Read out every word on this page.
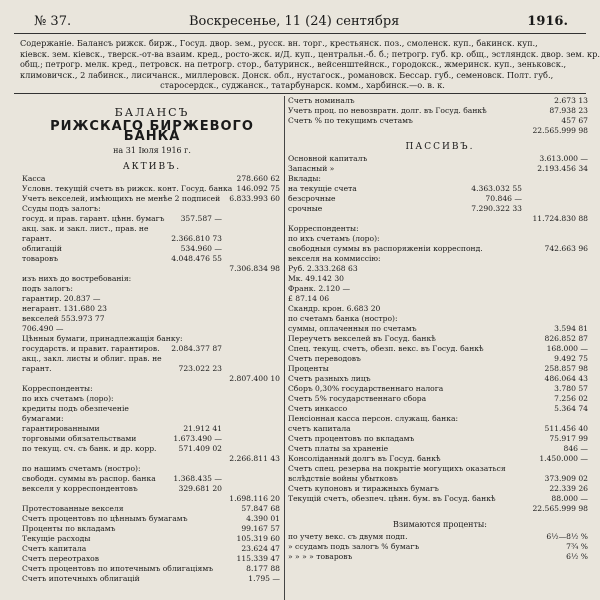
№ 37.	Воскресенье, 11 (24) сентября	1916.
Содержаніе. Балансъ рижск. бирж., Госуд. двор. зем., русск. вн. торг., крестьянск. поз., смоленск. куп., бакинск. куп.,
кіевск. зем. кіевск., тверск.-от-ва взаим. кред., росто-жск. и/Д. куп., центральн.-б. б.; петрогр. губ. кр. общ., эстляндск. двор. зем. кр.
общ.; петрогр. мелк. кред., петровск. на петрогр. стор., батуринск., вейсенштейнск., городокск., жмеринск. куп., зеньковск.,
климовичск., 2 лабинск., лисичанск., миллеровск. Донск. обл., нустагоск., романовск. Бессар. губ., семеновск. Полт. губ.,
старосердск., суджанск., татарбунарск. комм., харбинск.—о. в. к.
БАЛАНСЪ
РИЖСКАГО БИРЖЕВОГО БАНКА
на 31 Іюля 1916 г.
АКТИВЪ.
Касса	278.660 62
Условн. текущій счетъ въ рижск. конт. Госуд. банка 146.092 75
Учетъ векселей, имѣющихъ не менѣе 2 подписей 6.833.993 60
Ссуды подъ залогъ:
госуд. и прав. гарант. цѣнн. бумагъ	357.587 —
акц. зак. и закл. лист., прав. не
гарант.	2.366.810 73
облигацій	534.960 —
товаровъ	4.048.476 55
7.306.834 98
изъ нихъ до востребованія:
подъ залогъ:
гарантир. 20.837 —
негарант. 131.680 23
векселей 553.973 77
706.490 —
Цѣнныя бумаги, принадлежащія банку:
государств. и правит. гарантиров.	2.084.377 87
акц., закл. листы и облиг. прав. не
гарант.	723.022 23
2.807.400 10
Корреспонденты:
по ихъ счетамъ (лоро):
кредиты подъ обезпеченіе
бумагами:
гарантированными	21.912 41
торговыми обязательствами	1.673.490 —
по текущ. сч. съ банк. и др. корр.	571.409 02
2.266.811 43
по нашимъ счетамъ (ностро):
свободн. суммы въ распор. банка	1.368.435 —
векселя у корреспондентовъ	329.681 20
1.698.116 20
Протестованные векселя	57.847 68
Счетъ процентовъ по цѣннымъ бумагамъ	4.390 01
Проценты по вкладамъ	99.167 57
Текущіе расходы	105.319 60
Счетъ капитала	23.624 47
Счетъ переотрахов	115.339 47
Счетъ процентовъ по ипотечнымъ облигаціямъ	8.177 88
Счетъ ипотечныхъ облигацій	1.795 —
Счетъ номиналъ	2.673 13
Учетъ проц. по невозвратн. долг. въ Госуд. банкѣ	87.938 23
Счетъ % по текущимъ счетамъ	457 67
22.565.999 98
ПАССИВЪ.
Основной капиталъ	3.613.000 —
Запасный »	2.193.456 34
Вклады:
на текущіе счета	4.363.032 55
безсрочные	70.846 —
срочные	7.290.322 33
11.724.830 88
Корреспонденты:
по ихъ счетамъ (лоро):
свободныя суммы въ распоряженіи корреспонд.	742.663 96
векселя на коммиссію:
Руб. 2.333.268 63
Мк. 49.142 30
Франк. 2.120 —
£ 87.14 06
Скандр. крон. 6.683 20
по счетамъ банка (ностро):
суммы, оплаченныя по счетамъ	3.594 81
Переучетъ векселей въ Госуд. банкѣ	826.852 87
Спец. текущ. счетъ, обезп. векс. въ Госуд. банкѣ	168.000 —
Счетъ переводовъ	9.492 75
Проценты	258.857 98
Счетъ разныхъ лицъ	486.064 43
Сборъ 0,30% государственнаго налога	3.780 57
Счетъ 5% государственнаго сбора	7.256 02
Счетъ инкассо	5.364 74
Пенсіонная касса персон. служащ. банка:
счетъ капитала	511.456 40
Счетъ процентовъ по вкладамъ	75.917 99
Счетъ платы за храненіе	846 —
Консоліданный долгъ въ Госуд. банкѣ	1.450.000 —
Счетъ спец. резерва на покрытіе могущихъ оказаться
вслѣдствіе войны убытковъ	373.909 02
Счетъ купоновъ и тиражныхъ бумагъ	22.339 26
Текущій счетъ, обезпеч. цѣнн. бум. въ Госуд. банкѣ	88.000 —
22.565.999 98
Взимаются проценты:
по учету векс. съ двумя подп.	6½—8½ %
» ссудамъ подъ залогъ % бумагъ	7¾ %
» » » » товаровъ	6½ %
